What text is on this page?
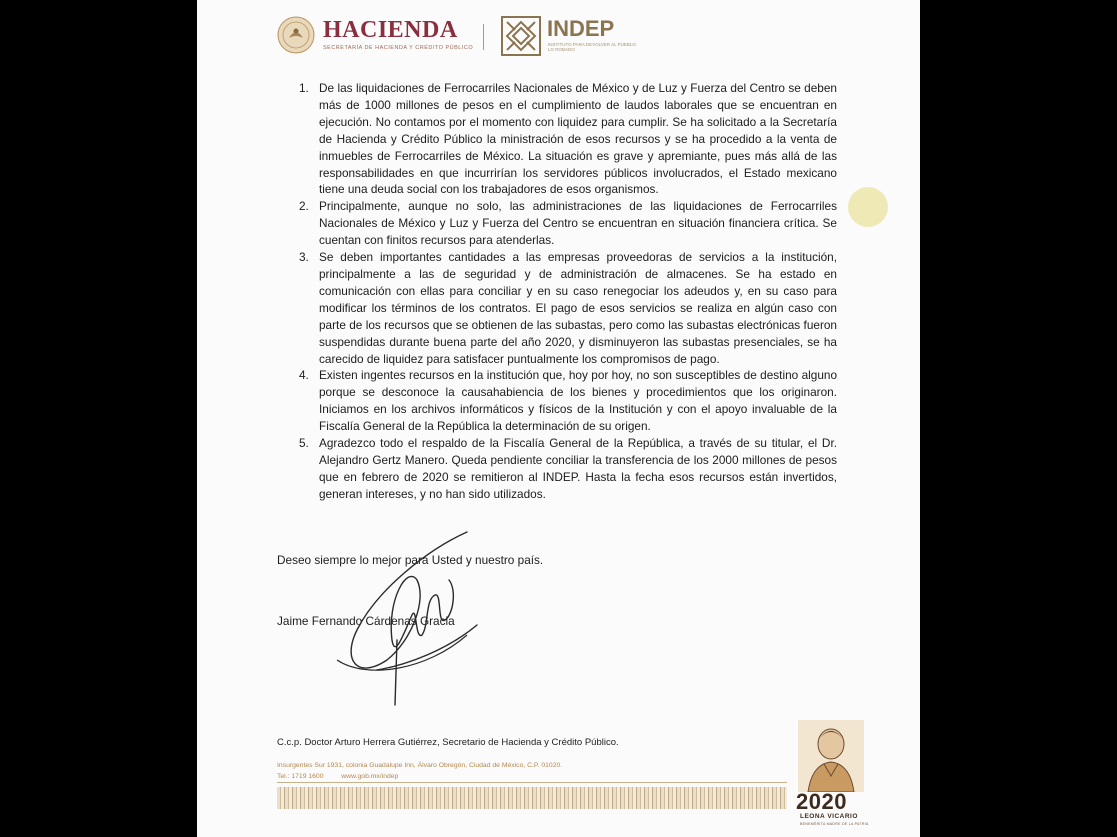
HACIENDA
SECRETARÍA DE HACIENDA Y CRÉDITO PÚBLICO
INDEP
INSTITUTO PARA DEVOLVER AL PUEBLO LO ROBADO
1. De las liquidaciones de Ferrocarriles Nacionales de México y de Luz y Fuerza del Centro se deben más de 1000 millones de pesos en el cumplimiento de laudos laborales que se encuentran en ejecución. No contamos por el momento con liquidez para cumplir. Se ha solicitado a la Secretaría de Hacienda y Crédito Público la ministración de esos recursos y se ha procedido a la venta de inmuebles de Ferrocarriles de México. La situación es grave y apremiante, pues más allá de las responsabilidades en que incurrirían los servidores públicos involucrados, el Estado mexicano tiene una deuda social con los trabajadores de esos organismos.
2. Principalmente, aunque no solo, las administraciones de las liquidaciones de Ferrocarriles Nacionales de México y Luz y Fuerza del Centro se encuentran en situación financiera crítica. Se cuentan con finitos recursos para atenderlas.
3. Se deben importantes cantidades a las empresas proveedoras de servicios a la institución, principalmente a las de seguridad y de administración de almacenes. Se ha estado en comunicación con ellas para conciliar y en su caso renegociar los adeudos y, en su caso para modificar los términos de los contratos. El pago de esos servicios se realiza en algún caso con parte de los recursos que se obtienen de las subastas, pero como las subastas electrónicas fueron suspendidas durante buena parte del año 2020, y disminuyeron las subastas presenciales, se ha carecido de liquidez para satisfacer puntualmente los compromisos de pago.
4. Existen ingentes recursos en la institución que, hoy por hoy, no son susceptibles de destino alguno porque se desconoce la causahabiencia de los bienes y procedimientos que los originaron. Iniciamos en los archivos informáticos y físicos de la Institución y con el apoyo invaluable de la Fiscalía General de la República la determinación de su origen.
5. Agradezco todo el respaldo de la Fiscalía General de la República, a través de su titular, el Dr. Alejandro Gertz Manero. Queda pendiente conciliar la transferencia de los 2000 millones de pesos que en febrero de 2020 se remitieron al INDEP. Hasta la fecha esos recursos están invertidos, generan intereses, y no han sido utilizados.
Deseo siempre lo mejor para Usted y nuestro país.
Jaime Fernando Cárdenas Gracia
C.c.p. Doctor Arturo Herrera Gutiérrez, Secretario de Hacienda y Crédito Público.
Insurgentes Sur 1931, colonia Guadalupe Inn, Álvaro Obregón, Ciudad de México, C.P. 01020.
Tel.: 1719 1600	www.gob.mx/indep
2020
LEONA VICARIO
BENEMÉRITA MADRE DE LA PATRIA
